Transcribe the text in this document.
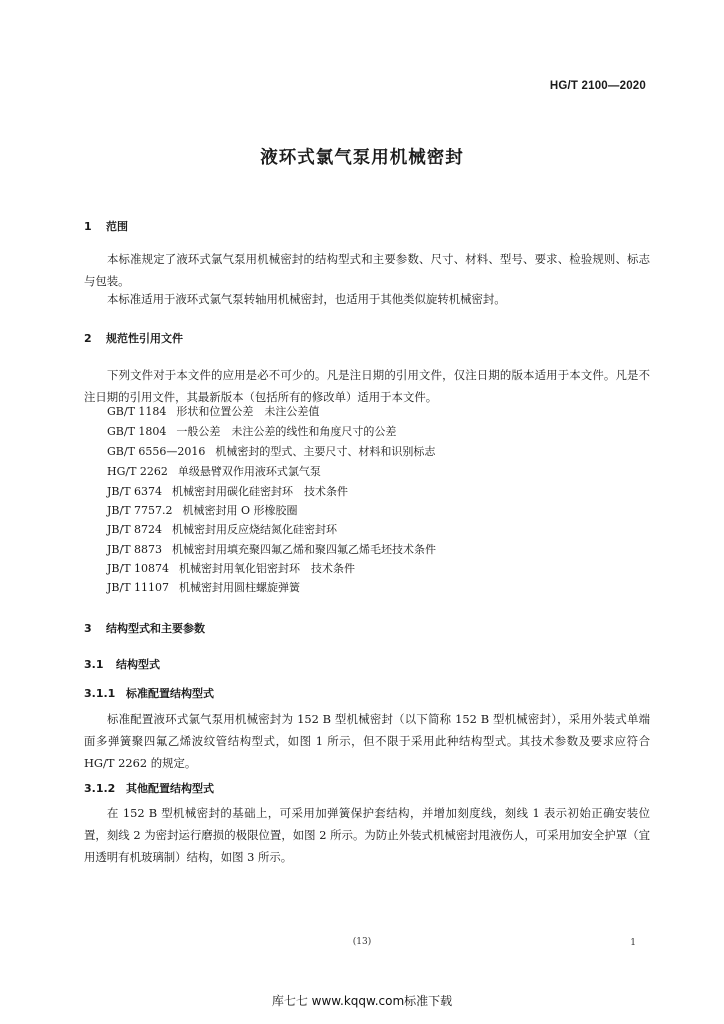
HG/T 2100—2020
液环式氯气泵用机械密封
1 范围

本标准规定了液环式氯气泵用机械密封的结构型式和主要参数、尺寸、材料、型号、要求、检验规则、标志与包装。

本标准适用于液环式氯气泵转轴用机械密封，也适用于其他类似旋转机械密封。

2 规范性引用文件

下列文件对于本文件的应用是必不可少的。凡是注日期的引用文件，仅注日期的版本适用于本文件。凡是不注日期的引用文件，其最新版本（包括所有的修改单）适用于本文件。

GB/T 1184 形状和位置公差　未注公差值
GB/T 1804 一般公差　未注公差的线性和角度尺寸的公差
GB/T 6556—2016 机械密封的型式、主要尺寸、材料和识别标志
HG/T 2262 单级悬臂双作用液环式氯气泵
JB/T 6374 机械密封用碳化硅密封环　技术条件
JB/T 7757.2 机械密封用 O 形橡胶圈
JB/T 8724 机械密封用反应烧结氮化硅密封环
JB/T 8873 机械密封用填充聚四氟乙烯和聚四氟乙烯毛坯技术条件
JB/T 10874 机械密封用氧化铝密封环　技术条件
JB/T 11107 机械密封用圆柱螺旋弹簧
3 结构型式和主要参数
3.1 结构型式
3.1.1 标准配置结构型式

标准配置液环式氯气泵用机械密封为 152 B 型机械密封（以下简称 152 B 型机械密封），采用外装式单端面多弹簧聚四氟乙烯波纹管结构型式，如图 1 所示，但不限于采用此种结构型式。其技术参数及要求应符合 HG/T 2262 的规定。

3.1.2 其他配置结构型式

在 152 B 型机械密封的基础上，可采用加弹簧保护套结构，并增加刻度线，刻线 1 表示初始正确安装位置，刻线 2 为密封运行磨损的极限位置，如图 2 所示。为防止外装式机械密封甩液伤人，可采用加安全护罩（宜用透明有机玻璃制）结构，如图 3 所示。

(13)	1
库七七 www.kqqw.com标准下载
